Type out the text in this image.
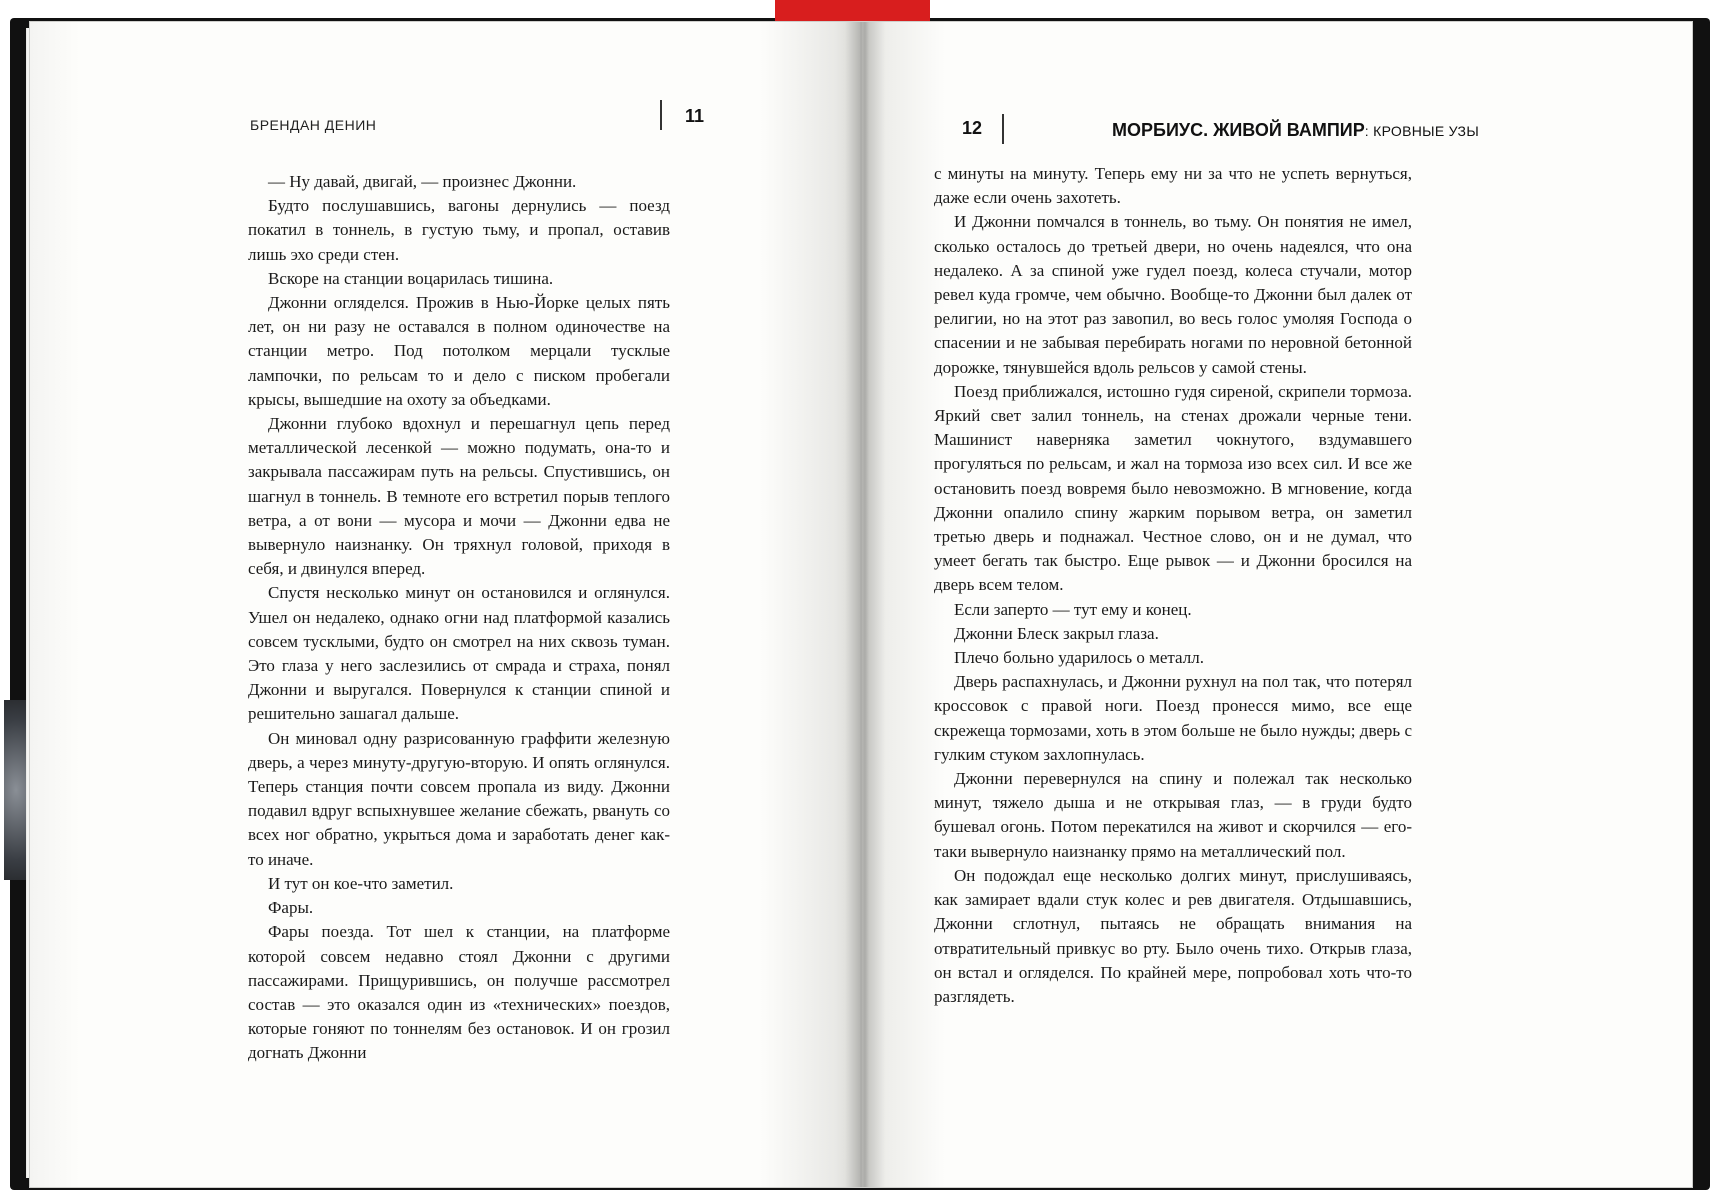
БРЕНДАН ДЕНИН	11

— Ну давай, двигай, — произнес Джонни.

Будто послушавшись, вагоны дернулись — поезд покатил в тоннель, в густую тьму, и пропал, оставив лишь эхо среди стен.

Вскоре на станции воцарилась тишина.

Джонни огляделся. Прожив в Нью-Йорке целых пять лет, он ни разу не оставался в полном одиночестве на станции метро. Под потолком мерцали тусклые лампочки, по рельсам то и дело с писком пробегали крысы, вышедшие на охоту за объедками.

Джонни глубоко вдохнул и перешагнул цепь перед металлической лесенкой — можно подумать, она-то и закрывала пассажирам путь на рельсы. Спустившись, он шагнул в тоннель. В темноте его встретил порыв теплого ветра, а от вони — мусора и мочи — Джонни едва не вывернуло наизнанку. Он тряхнул головой, приходя в себя, и двинулся вперед.

Спустя несколько минут он остановился и оглянулся. Ушел он недалеко, однако огни над платформой казались совсем тусклыми, будто он смотрел на них сквозь туман. Это глаза у него заслезились от смрада и страха, понял Джонни и выругался. Повернулся к станции спиной и решительно зашагал дальше.

Он миновал одну разрисованную граффити железную дверь, а через минуту-другую-вторую. И опять оглянулся. Теперь станция почти совсем пропала из виду. Джонни подавил вдруг вспыхнувшее желание сбежать, рвануть со всех ног обратно, укрыться дома и заработать денег как-то иначе.

И тут он кое-что заметил.

Фары.

Фары поезда. Тот шел к станции, на платформе которой совсем недавно стоял Джонни с другими пассажирами. Прищурившись, он получше рассмотрел состав — это оказался один из «технических» поездов, которые гоняют по тоннелям без остановок. И он грозил догнать Джонни

12	МОРБИУС. ЖИВОЙ ВАМПИР: КРОВНЫЕ УЗЫ

с минуты на минуту. Теперь ему ни за что не успеть вернуться, даже если очень захотеть.

И Джонни помчался в тоннель, во тьму. Он понятия не имел, сколько осталось до третьей двери, но очень надеялся, что она недалеко. А за спиной уже гудел поезд, колеса стучали, мотор ревел куда громче, чем обычно. Вообще-то Джонни был далек от религии, но на этот раз завопил, во весь голос умоляя Господа о спасении и не забывая перебирать ногами по неровной бетонной дорожке, тянувшейся вдоль рельсов у самой стены.

Поезд приближался, истошно гудя сиреной, скрипели тормоза. Яркий свет залил тоннель, на стенах дрожали черные тени. Машинист наверняка заметил чокнутого, вздумавшего прогуляться по рельсам, и жал на тормоза изо всех сил. И все же остановить поезд вовремя было невозможно. В мгновение, когда Джонни опалило спину жарким порывом ветра, он заметил третью дверь и поднажал. Честное слово, он и не думал, что умеет бегать так быстро. Еще рывок — и Джонни бросился на дверь всем телом.

Если заперто — тут ему и конец.

Джонни Блеск закрыл глаза.

Плечо больно ударилось о металл.

Дверь распахнулась, и Джонни рухнул на пол так, что потерял кроссовок с правой ноги. Поезд пронесся мимо, все еще скрежеща тормозами, хоть в этом больше не было нужды; дверь с гулким стуком захлопнулась.

Джонни перевернулся на спину и полежал так несколько минут, тяжело дыша и не открывая глаз, — в груди будто бушевал огонь. Потом перекатился на живот и скорчился — его-таки вывернуло наизнанку прямо на металлический пол.

Он подождал еще несколько долгих минут, прислушиваясь, как замирает вдали стук колес и рев двигателя. Отдышавшись, Джонни сглотнул, пытаясь не обращать внимания на отвратительный привкус во рту. Было очень тихо. Открыв глаза, он встал и огляделся. По крайней мере, попробовал хоть что-то разглядеть.
